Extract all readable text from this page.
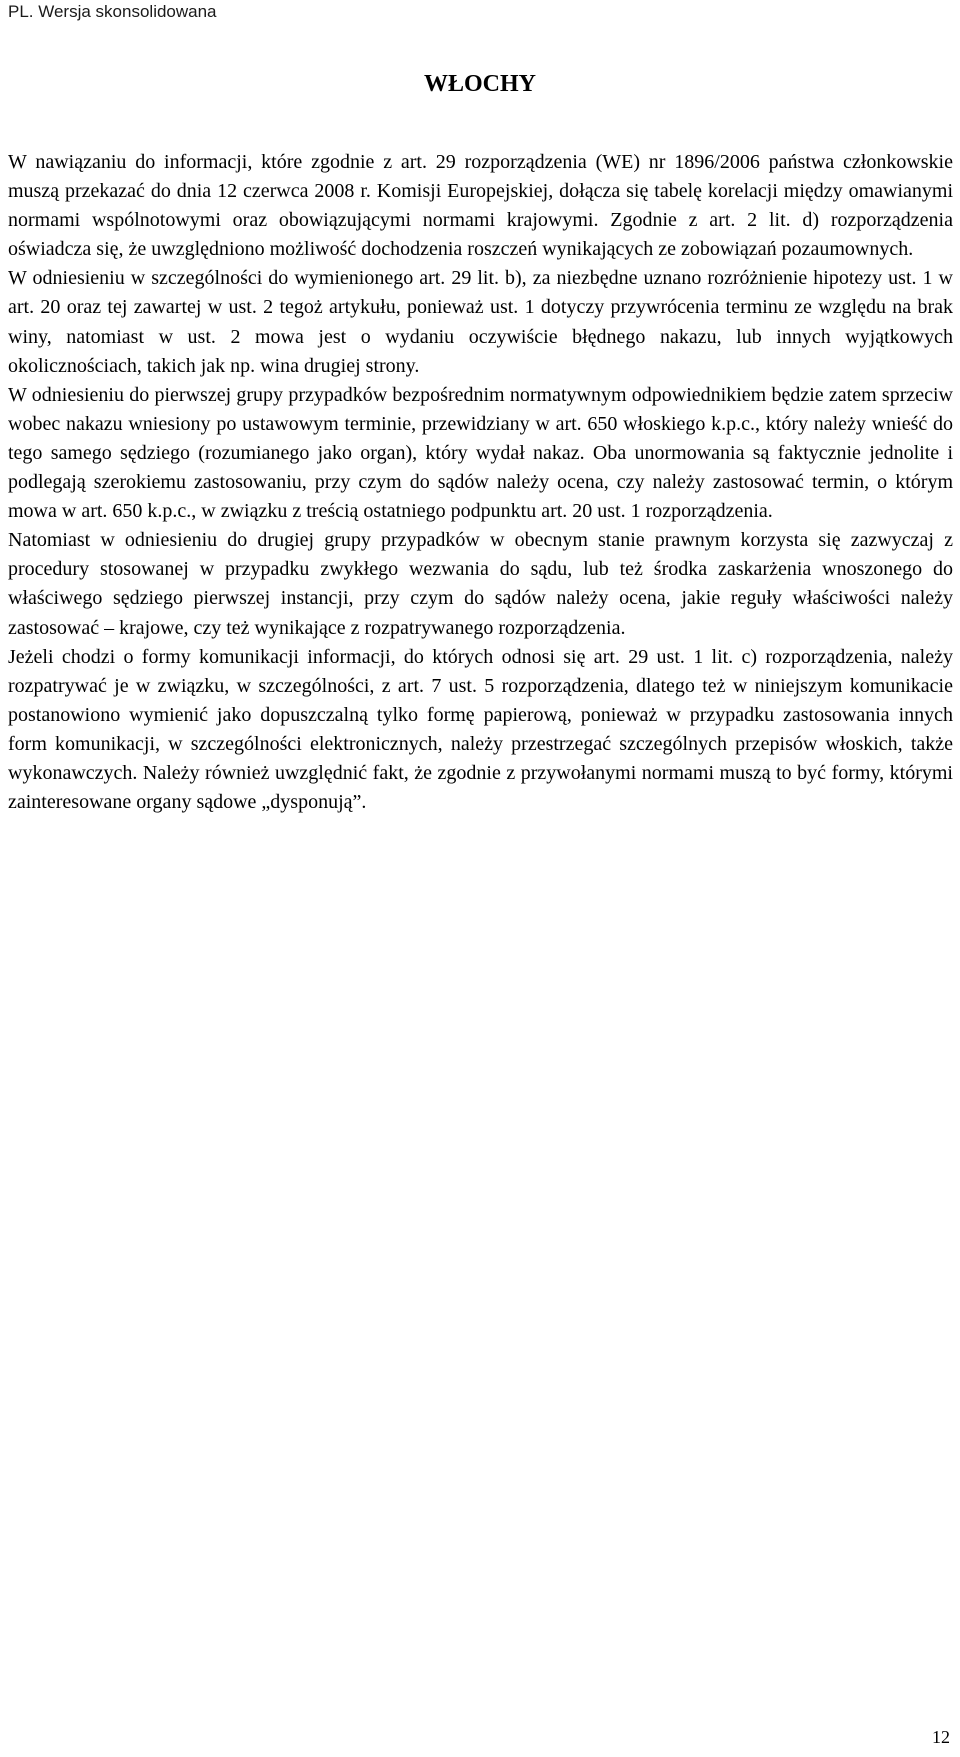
PL. Wersja skonsolidowana
WŁOCHY

W nawiązaniu do informacji, które zgodnie z art. 29 rozporządzenia (WE) nr 1896/2006 państwa członkowskie muszą przekazać do dnia 12 czerwca 2008 r. Komisji Europejskiej, dołącza się tabelę korelacji między omawianymi normami wspólnotowymi oraz obowiązującymi normami krajowymi. Zgodnie z art. 2 lit. d) rozporządzenia oświadcza się, że uwzględniono możliwość dochodzenia roszczeń wynikających ze zobowiązań pozaumownych.

W odniesieniu w szczególności do wymienionego art. 29 lit. b), za niezbędne uznano rozróżnienie hipotezy ust. 1 w art. 20 oraz tej zawartej w ust. 2 tegoż artykułu, ponieważ ust. 1 dotyczy przywrócenia terminu ze względu na brak winy, natomiast w ust. 2 mowa jest o wydaniu oczywiście błędnego nakazu, lub innych wyjątkowych okolicznościach, takich jak np. wina drugiej strony.

W odniesieniu do pierwszej grupy przypadków bezpośrednim normatywnym odpowiednikiem będzie zatem sprzeciw wobec nakazu wniesiony po ustawowym terminie, przewidziany w art. 650 włoskiego k.p.c., który należy wnieść do tego samego sędziego (rozumianego jako organ), który wydał nakaz. Oba unormowania są faktycznie jednolite i podlegają szerokiemu zastosowaniu, przy czym do sądów należy ocena, czy należy zastosować termin, o którym mowa w art. 650 k.p.c., w związku z treścią ostatniego podpunktu art. 20 ust. 1 rozporządzenia.

Natomiast w odniesieniu do drugiej grupy przypadków w obecnym stanie prawnym korzysta się zazwyczaj z procedury stosowanej w przypadku zwykłego wezwania do sądu, lub też środka zaskarżenia wnoszonego do właściwego sędziego pierwszej instancji, przy czym do sądów należy ocena, jakie reguły właściwości należy zastosować – krajowe, czy też wynikające z rozpatrywanego rozporządzenia.

Jeżeli chodzi o formy komunikacji informacji, do których odnosi się art. 29 ust. 1 lit. c) rozporządzenia, należy rozpatrywać je w związku, w szczególności, z art. 7 ust. 5 rozporządzenia, dlatego też w niniejszym komunikacie postanowiono wymienić jako dopuszczalną tylko formę papierową, ponieważ w przypadku zastosowania innych form komunikacji, w szczególności elektronicznych, należy przestrzegać szczególnych przepisów włoskich, także wykonawczych. Należy również uwzględnić fakt, że zgodnie z przywołanymi normami muszą to być formy, którymi zainteresowane organy sądowe „dysponują”.

12
